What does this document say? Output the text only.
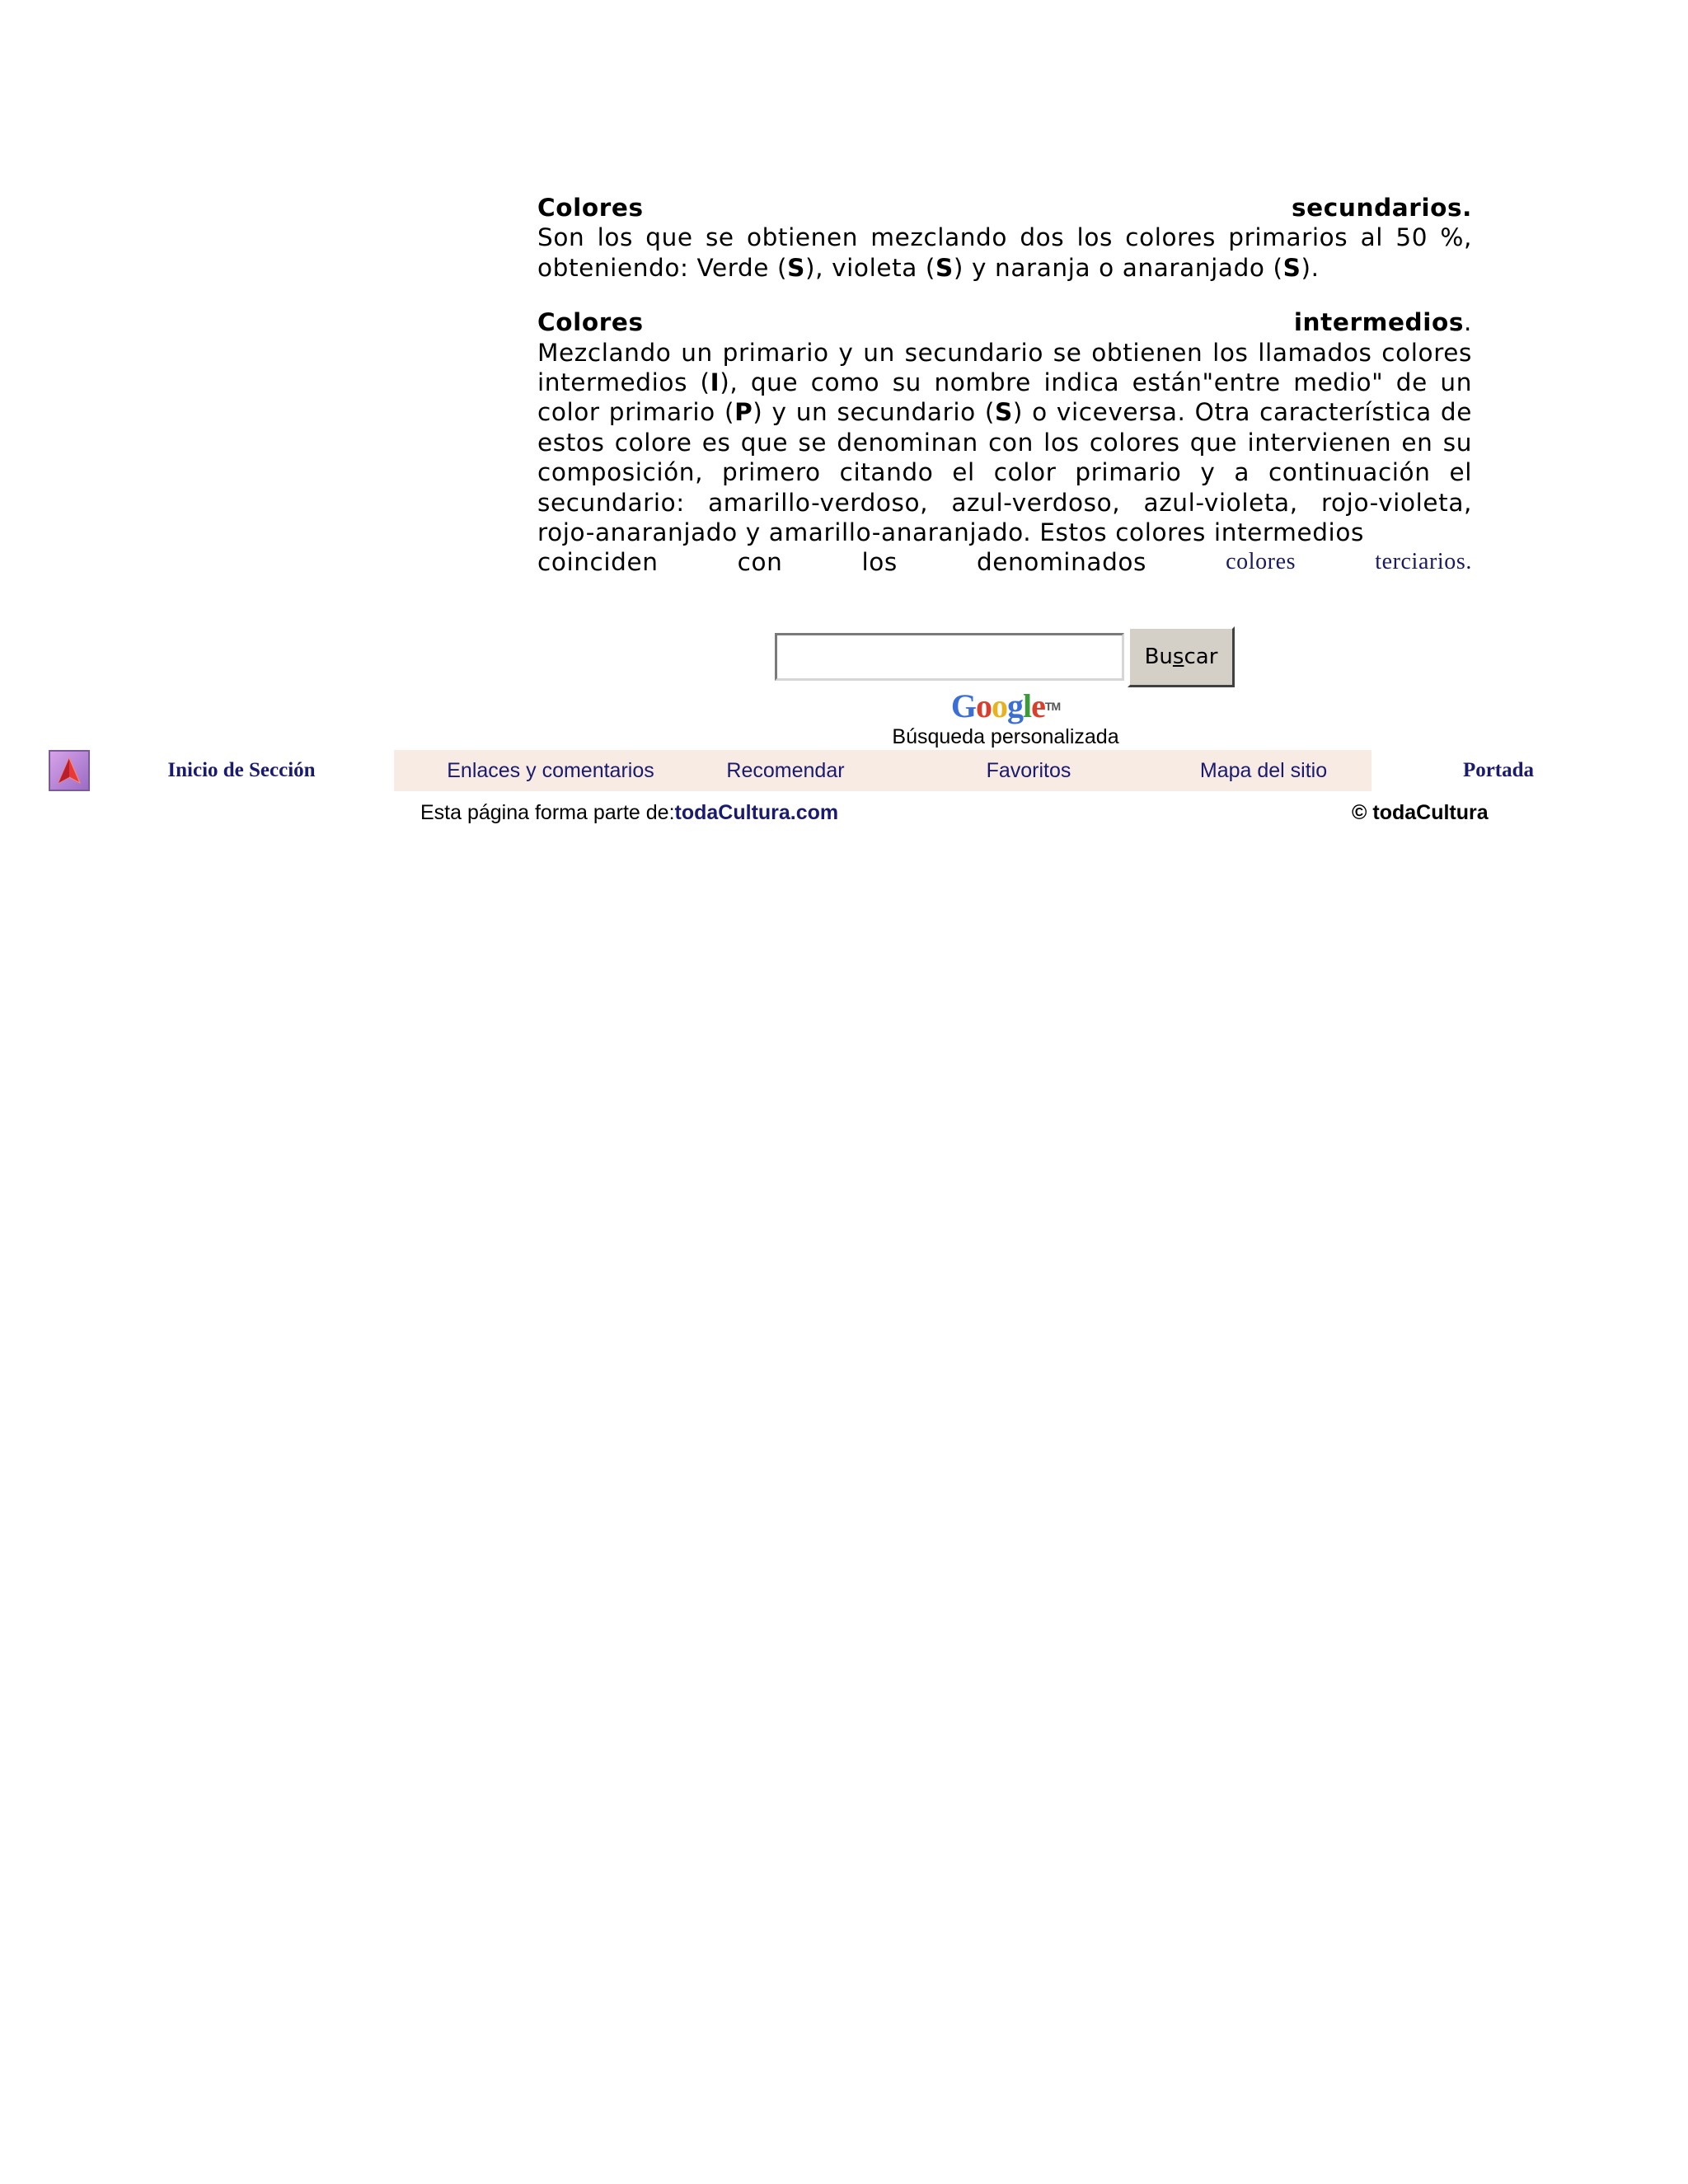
Colores	secundarios.
Son los que se obtienen mezclando dos los colores primarios al 50 %, obteniendo: Verde (S), violeta (S) y naranja o anaranjado (S).
Colores	intermedios.
Mezclando un primario y un secundario se obtienen los llamados colores intermedios (I), que como su nombre indica están"entre medio" de un color primario (P) y un secundario (S) o viceversa. Otra característica de estos colore es que se denominan con los colores que intervienen en su composición, primero citando el color primario y a continuación el secundario: amarillo-verdoso, azul-verdoso, azul-violeta, rojo-violeta, rojo-anaranjado y amarillo-anaranjado. Estos colores intermedios
coinciden	con	los	denominados	colores	terciarios.
Bu s car
Google™
Búsqueda personalizada
Inicio de Sección	Enlaces y comentarios	Recomendar	Favoritos	Mapa del sitio	Portada
Esta página forma parte de:todaCultura.com	© todaCultura
